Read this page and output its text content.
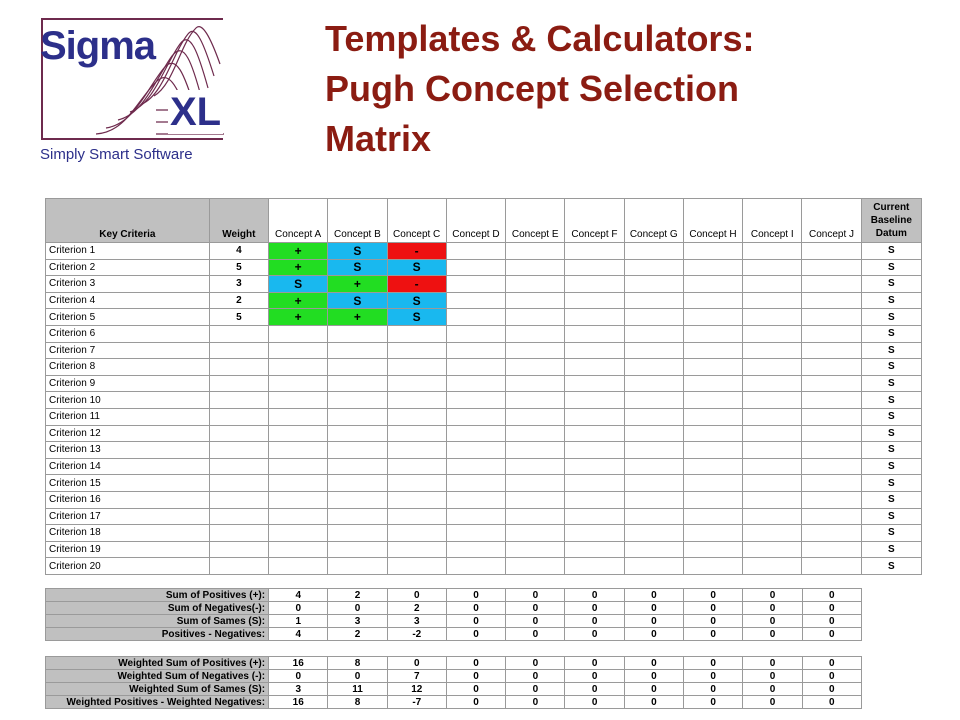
Sigma
XL
Simply Smart Software
Templates & Calculators:
Pugh Concept Selection
Matrix
Key Criteria	Weight	Concept A	Concept B	Concept C	Concept D	Concept E	Concept F	Concept G	Concept H	Concept I	Concept J	Current Baseline Datum
Criterion 1	4	+	S	-								S
Criterion 2	5	+	S	S								S
Criterion 3	3	S	+	-								S
Criterion 4	2	+	S	S								S
Criterion 5	5	+	+	S								S
Criterion 6												S
Criterion 7												S
Criterion 8												S
Criterion 9												S
Criterion 10												S
Criterion 11												S
Criterion 12												S
Criterion 13												S
Criterion 14												S
Criterion 15												S
Criterion 16												S
Criterion 17												S
Criterion 18												S
Criterion 19												S
Criterion 20												S
Sum of Positives (+):	4	2	0	0	0	0	0	0	0	0
Sum of Negatives(-):	0	0	2	0	0	0	0	0	0	0
Sum of Sames (S):	1	3	3	0	0	0	0	0	0	0
Positives - Negatives:	4	2	-2	0	0	0	0	0	0	0
Weighted Sum of Positives (+):	16	8	0	0	0	0	0	0	0	0
Weighted Sum of Negatives (-):	0	0	7	0	0	0	0	0	0	0
Weighted Sum of Sames (S):	3	11	12	0	0	0	0	0	0	0
Weighted Positives - Weighted Negatives:	16	8	-7	0	0	0	0	0	0	0
